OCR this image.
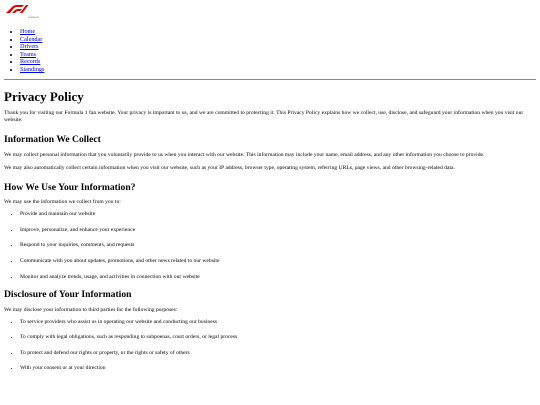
FORMULA 1
• Home
• Calendar
• Drivers
• Teams
• Records
• Standings
Privacy Policy

Thank you for visiting our Formula 1 fan website. Your privacy is important to us, and we are committed to protecting it. This Privacy Policy explains how we collect, use, disclose, and safeguard your information when you visit our website.

Information We Collect

We may collect personal information that you voluntarily provide to us when you interact with our website. This information may include your name, email address, and any other information you choose to provide.

We may also automatically collect certain information when you visit our website, such as your IP address, browser type, operating system, referring URLs, page views, and other browsing-related data.

How We Use Your Information?

We may use the information we collect from you to:

• Provide and maintain our website
• Improve, personalize, and enhance your experience
• Respond to your inquiries, comments, and requests
• Communicate with you about updates, promotions, and other news related to our website
• Monitor and analyze trends, usage, and activities in connection with our website
Disclosure of Your Information

We may disclose your information to third parties for the following purposes:

• To service providers who assist us in operating our website and conducting our business
• To comply with legal obligations, such as responding to subpoenas, court orders, or legal process
• To protect and defend our rights or property, or the rights or safety of others
• With your consent or at your direction
